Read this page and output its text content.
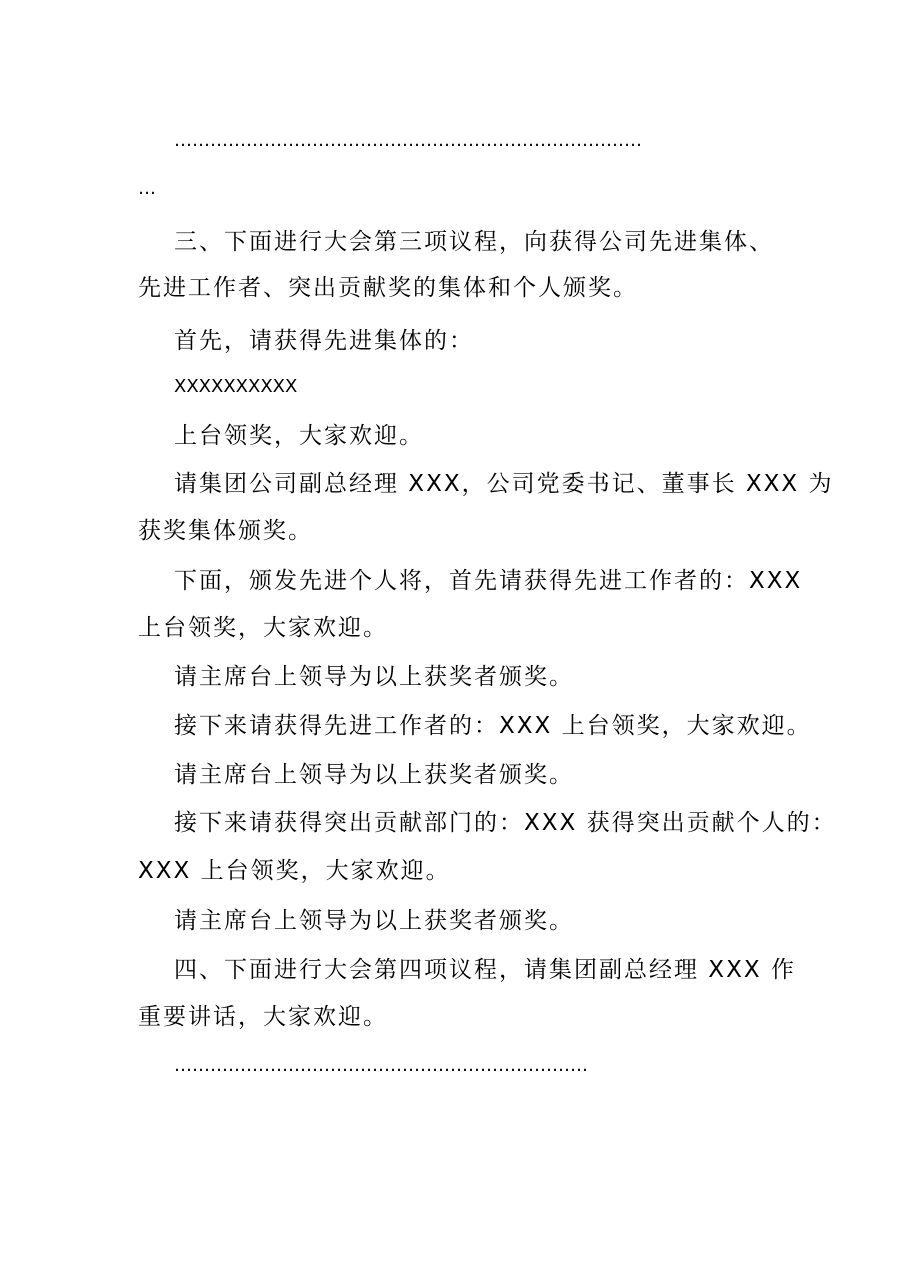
……………………………………………………………………
…
三、下面进行大会第三项议程，向获得公司先进集体、
先进工作者、突出贡献奖的集体和个人颁奖。
首先，请获得先进集体的：
XXXXXXXXXX
上台领奖，大家欢迎。
请集团公司副总经理 XXX，公司党委书记、董事长 XXX 为
获奖集体颁奖。
下面，颁发先进个人将，首先请获得先进工作者的：XXX
上台领奖，大家欢迎。
请主席台上领导为以上获奖者颁奖。
接下来请获得先进工作者的：XXX 上台领奖，大家欢迎。
请主席台上领导为以上获奖者颁奖。
接下来请获得突出贡献部门的：XXX 获得突出贡献个人的：
XXX 上台领奖，大家欢迎。
请主席台上领导为以上获奖者颁奖。
四、下面进行大会第四项议程，请集团副总经理 XXX 作
重要讲话，大家欢迎。
……………………………………………………………
